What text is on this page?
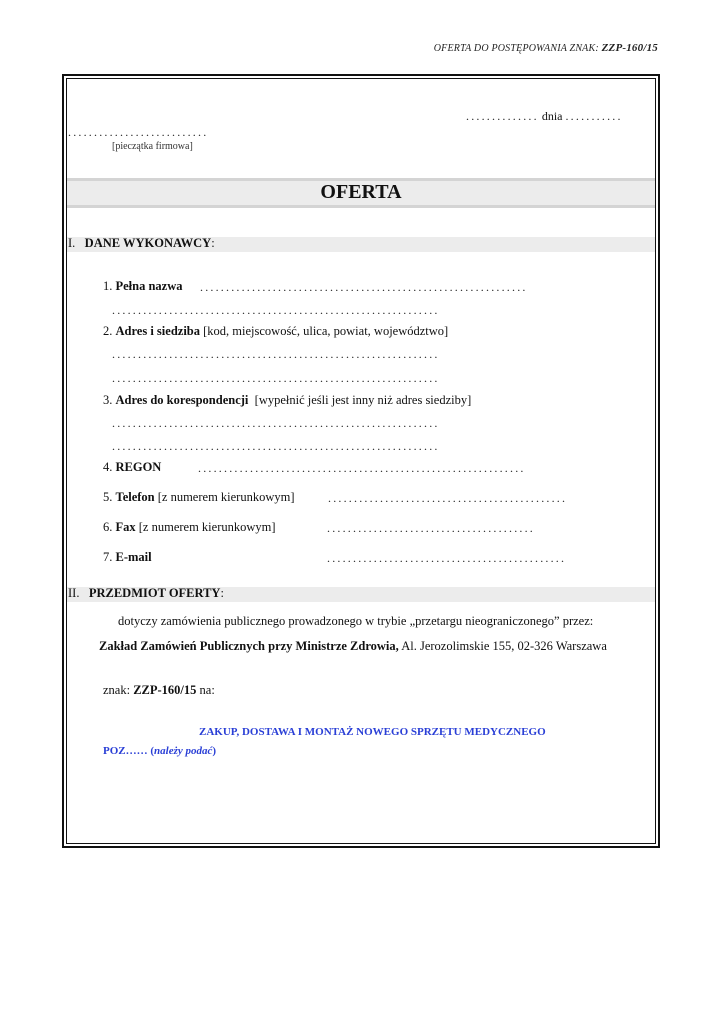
OFERTA DO POSTĘPOWANIA ZNAK: ZZP-160/15
.............. dnia ...........
...........................
[pieczątka firmowa]
OFERTA
I. DANE WYKONAWCY:
1. Pełna nazwa ...............................................................
...............................................................
2. Adres i siedziba [kod, miejscowość, ulica, powiat, województwo]
...............................................................
...............................................................
3. Adres do korespondencji [wypełnić jeśli jest inny niż adres siedziby]
...............................................................
...............................................................
4. REGON	...............................................................
5. Telefon [z numerem kierunkowym]	..............................................
6. Fax [z numerem kierunkowym]	........................................
7. E-mail	..............................................
II. PRZEDMIOT OFERTY:
dotyczy zamówienia publicznego prowadzonego w trybie „przetargu nieograniczonego” przez:
Zakład Zamówień Publicznych przy Ministrze Zdrowia, Al. Jerozolimskie 155, 02-326 Warszawa
znak: ZZP-160/15 na:
ZAKUP, DOSTAWA I MONTAŻ NOWEGO SPRZĘTU MEDYCZNEGO
POZ…… (należy podać)
